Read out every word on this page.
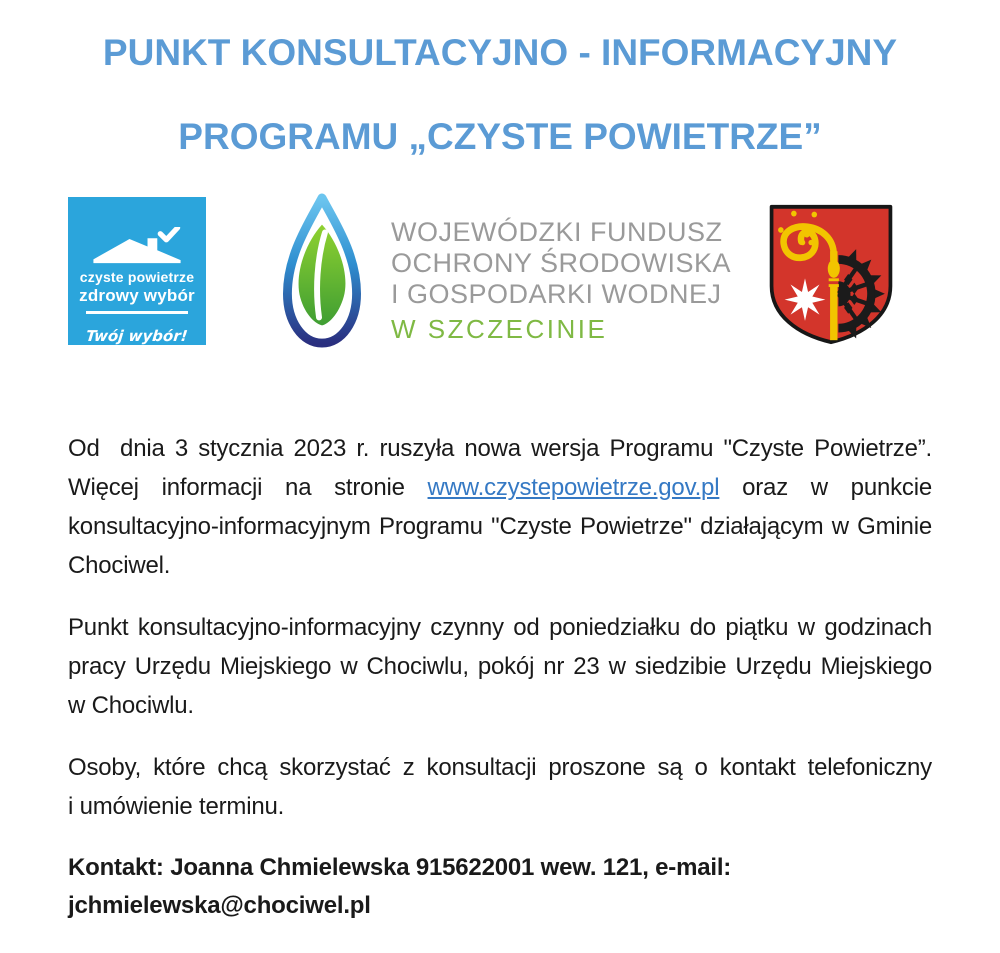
PUNKT KONSULTACYJNO - INFORMACYJNY
PROGRAMU „CZYSTE POWIETRZE”
czyste powietrze
zdrowy wybór
Twój wybór!
WOJEWÓDZKI FUNDUSZ
OCHRONY ŚRODOWISKA
I GOSPODARKI WODNEJ
W SZCZECINIE

Od  dnia 3 stycznia 2023 r. ruszyła nowa wersja Programu "Czyste Powietrze”. Więcej informacji na stronie www.czystepowietrze.gov.pl oraz w punkcie konsultacyjno-informacyjnym Programu "Czyste Powietrze" działającym w Gminie Chociwel.

Punkt konsultacyjno-informacyjny czynny od poniedziałku do piątku w godzinach pracy Urzędu Miejskiego w Chociwlu, pokój nr 23 w siedzibie Urzędu Miejskiego w Chociwlu.

Osoby, które chcą skorzystać z konsultacji proszone są o kontakt telefoniczny i umówienie terminu.

Kontakt: Joanna Chmielewska 915622001 wew. 121, e-mail:
jchmielewska@chociwel.pl
